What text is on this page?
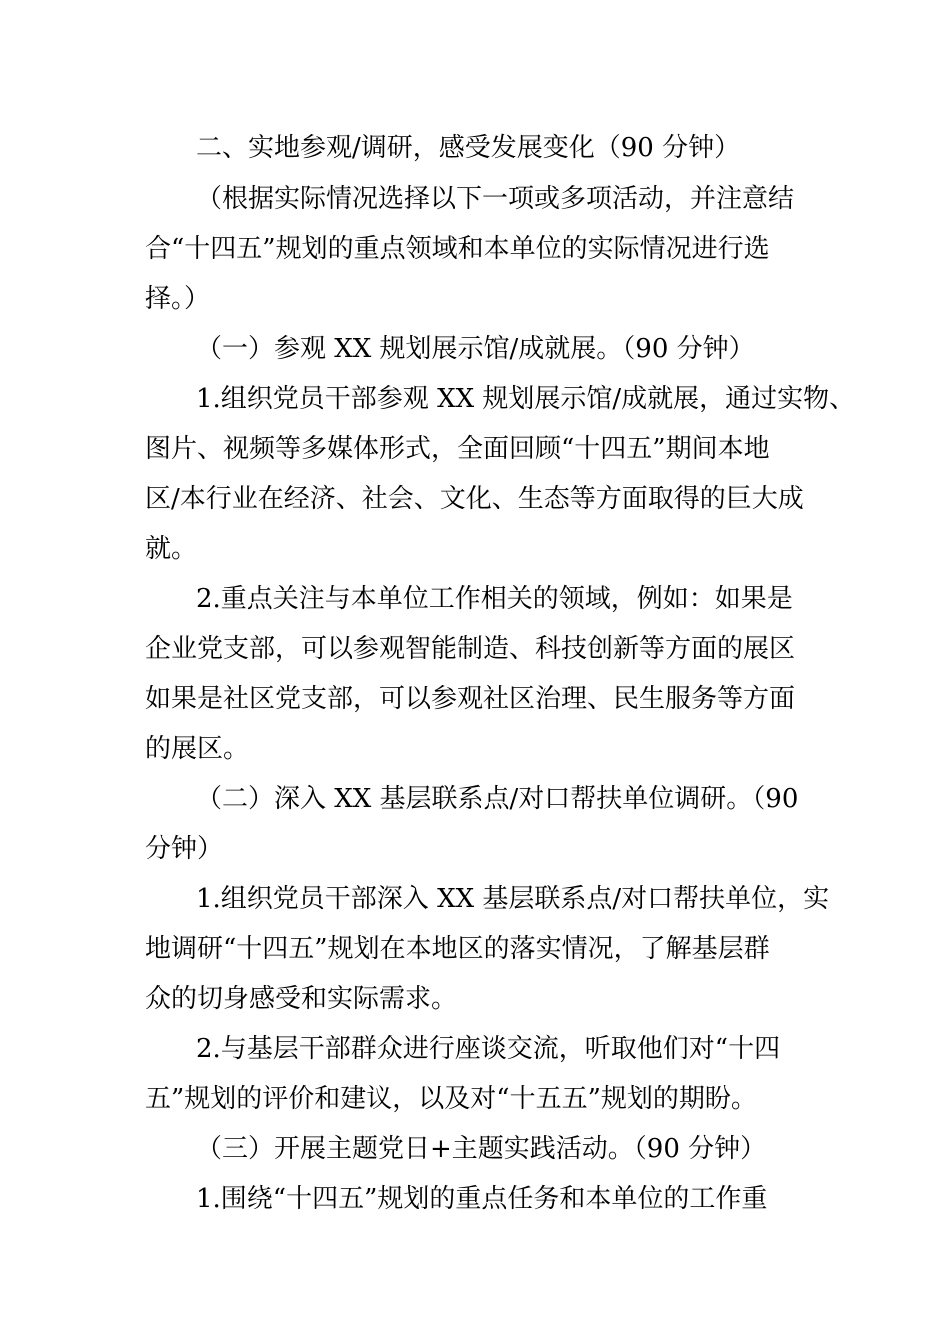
二、实地参观/调研，感受发展变化（90 分钟）
（根据实际情况选择以下一项或多项活动，并注意结
合“十四五”规划的重点领域和本单位的实际情况进行选
择。）
（一）参观 XX 规划展示馆/成就展。（90 分钟）
1.组织党员干部参观 XX 规划展示馆/成就展，通过实物、
图片、视频等多媒体形式，全面回顾“十四五”期间本地
区/本行业在经济、社会、文化、生态等方面取得的巨大成
就。
2.重点关注与本单位工作相关的领域，例如：如果是
企业党支部，可以参观智能制造、科技创新等方面的展区
如果是社区党支部，可以参观社区治理、民生服务等方面
的展区。
（二）深入 XX 基层联系点/对口帮扶单位调研。（90
分钟）
1.组织党员干部深入 XX 基层联系点/对口帮扶单位，实
地调研“十四五”规划在本地区的落实情况，了解基层群
众的切身感受和实际需求。
2.与基层干部群众进行座谈交流，听取他们对“十四
五”规划的评价和建议，以及对“十五五”规划的期盼。
（三）开展主题党日+主题实践活动。（90 分钟）
1.围绕“十四五”规划的重点任务和本单位的工作重
